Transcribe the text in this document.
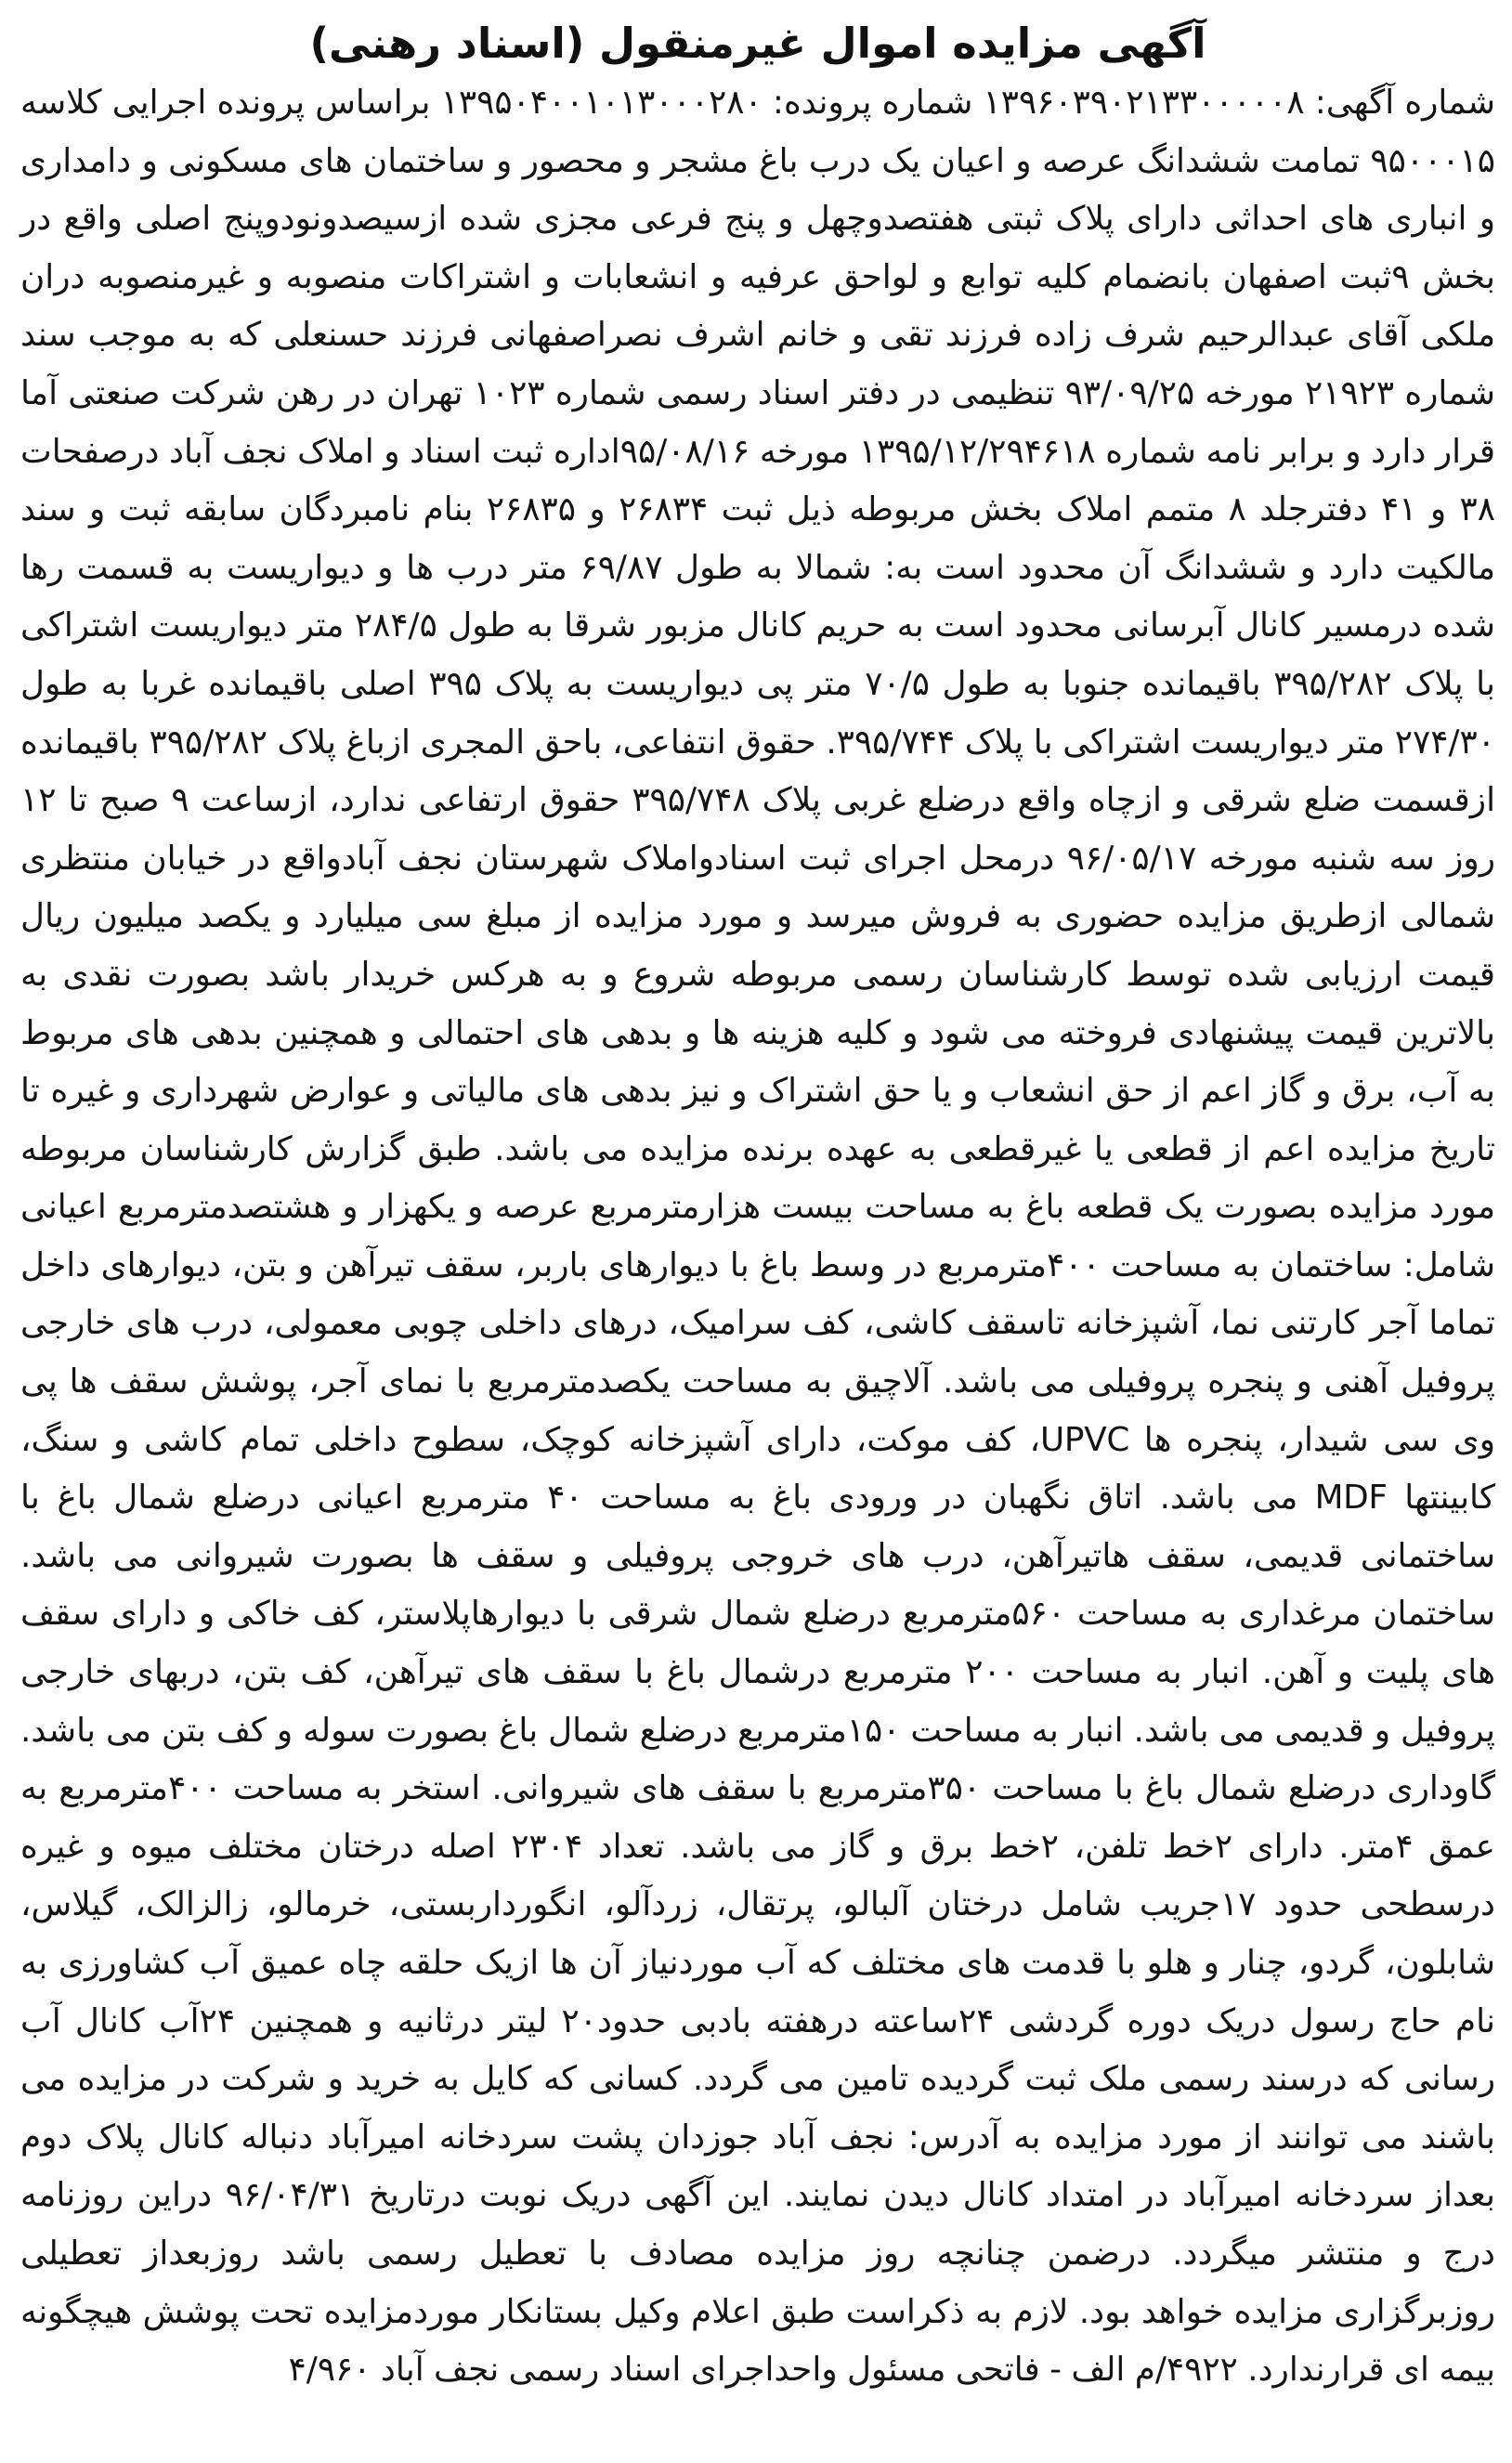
آگهی مزایده اموال غیرمنقول (اسناد رهنی)

شماره آگهی: ۱۳۹۶۰۳۹۰۲۱۳۳۰۰۰۰۰۸ شماره پرونده: ۱۳۹۵۰۴۰۰۱۰۱۳۰۰۰۲۸۰ براساس پرونده اجرایی کلاسه ۹۵۰۰۰۱۵ تمامت ششدانگ عرصه و اعیان یک درب باغ مشجر و محصور و ساختمان های مسکونی و دامداری و انباری های احداثی دارای پلاک ثبتی هفتصدوچهل و پنج فرعی مجزی شده ازسیصدونودوپنج اصلی واقع در بخش ۹ثبت اصفهان بانضمام کلیه توابع و لواحق عرفیه و انشعابات و اشتراکات منصوبه و غیرمنصوبه دران ملکی آقای عبدالرحیم شرف زاده فرزند تقی و خانم اشرف نصراصفهانی فرزند حسنعلی که به موجب سند شماره ۲۱۹۲۳ مورخه ۹۳/۰۹/۲۵ تنظیمی در دفتر اسناد رسمی شماره ۱۰۲۳ تهران در رهن شرکت صنعتی آما قرار دارد و برابر نامه شماره ۱۳۹۵/۱۲/۲۹۴۶۱۸ مورخه ۹۵/۰۸/۱۶اداره ثبت اسناد و املاک نجف آباد درصفحات ۳۸ و ۴۱ دفترجلد ۸ متمم املاک بخش مربوطه ذیل ثبت ۲۶۸۳۴ و ۲۶۸۳۵ بنام نامبردگان سابقه ثبت و سند مالکیت دارد و ششدانگ آن محدود است به: شمالا به طول ۶۹/۸۷ متر درب ها و دیواریست به قسمت رها شده درمسیر کانال آبرسانی محدود است به حریم کانال مزبور شرقا به طول ۲۸۴/۵ متر دیواریست اشتراکی با پلاک ۳۹۵/۲۸۲ باقیمانده جنوبا به طول ۷۰/۵ متر پی دیواریست به پلاک ۳۹۵ اصلی باقیمانده غربا به طول ۲۷۴/۳۰ متر دیواریست اشتراکی با پلاک ۳۹۵/۷۴۴. حقوق انتفاعی، باحق المجری ازباغ پلاک ۳۹۵/۲۸۲ باقیمانده ازقسمت ضلع شرقی و ازچاه واقع درضلع غربی پلاک ۳۹۵/۷۴۸ حقوق ارتفاعی ندارد، ازساعت ۹ صبح تا ۱۲ روز سه شنبه مورخه ۹۶/۰۵/۱۷ درمحل اجرای ثبت اسنادواملاک شهرستان نجف آبادواقع در خیابان منتظری شمالی ازطریق مزایده حضوری به فروش میرسد و مورد مزایده از مبلغ سی میلیارد و یکصد میلیون ریال قیمت ارزیابی شده توسط کارشناسان رسمی مربوطه شروع و به هرکس خریدار باشد بصورت نقدی به بالاترین قیمت پیشنهادی فروخته می شود و کلیه هزینه ها و بدهی های احتمالی و همچنین بدهی های مربوط به آب، برق و گاز اعم از حق انشعاب و یا حق اشتراک و نیز بدهی های مالیاتی و عوارض شهرداری و غیره تا تاریخ مزایده اعم از قطعی یا غیرقطعی به عهده برنده مزایده می باشد. طبق گزارش کارشناسان مربوطه مورد مزایده بصورت یک قطعه باغ به مساحت بیست هزارمترمربع عرصه و یکهزار و هشتصدمترمربع اعیانی شامل: ساختمان به مساحت ۴۰۰مترمربع در وسط باغ با دیوارهای باربر، سقف تیرآهن و بتن، دیوارهای داخل تماما آجر کارتنی نما، آشپزخانه تاسقف کاشی، کف سرامیک، درهای داخلی چوبی معمولی، درب های خارجی پروفیل آهنی و پنجره پروفیلی می باشد. آلاچیق به مساحت یکصدمترمربع با نمای آجر، پوشش سقف ها پی وی سی شیدار، پنجره ها UPVC، کف موکت، دارای آشپزخانه کوچک، سطوح داخلی تمام کاشی و سنگ، کابینتها MDF می باشد. اتاق نگهبان در ورودی باغ به مساحت ۴۰ مترمربع اعیانی درضلع شمال باغ با ساختمانی قدیمی، سقف هاتیرآهن، درب های خروجی پروفیلی و سقف ها بصورت شیروانی می باشد. ساختمان مرغداری به مساحت ۵۶۰مترمربع درضلع شمال شرقی با دیوارهاپلاستر، کف خاکی و دارای سقف های پلیت و آهن. انبار به مساحت ۲۰۰ مترمربع درشمال باغ با سقف های تیرآهن، کف بتن، دربهای خارجی پروفیل و قدیمی می باشد. انبار به مساحت ۱۵۰مترمربع درضلع شمال باغ بصورت سوله و کف بتن می باشد. گاوداری درضلع شمال باغ با مساحت ۳۵۰مترمربع با سقف های شیروانی. استخر به مساحت ۴۰۰مترمربع به عمق ۴متر. دارای ۲خط تلفن، ۲خط برق و گاز می باشد. تعداد ۲۳۰۴ اصله درختان مختلف میوه و غیره درسطحی حدود ۱۷جریب شامل درختان آلبالو، پرتقال، زردآلو، انگورداربستی، خرمالو، زالزالک، گیلاس، شابلون، گردو، چنار و هلو با قدمت های مختلف که آب موردنیاز آن ها ازیک حلقه چاه عمیق آب کشاورزی به نام حاج رسول دریک دوره گردشی ۲۴ساعته درهفته بادبی حدود۲۰ لیتر درثانیه و همچنین ۲۴آب کانال آب رسانی که درسند رسمی ملک ثبت گردیده تامین می گردد. کسانی که کایل به خرید و شرکت در مزایده می باشند می توانند از مورد مزایده به آدرس: نجف آباد جوزدان پشت سردخانه امیرآباد دنباله کانال پلاک دوم بعداز سردخانه امیرآباد در امتداد کانال دیدن نمایند. این آگهی دریک نوبت درتاریخ ۹۶/۰۴/۳۱ دراین روزنامه درج و منتشر میگردد. درضمن چنانچه روز مزایده مصادف با تعطیل رسمی باشد روزبعداز تعطیلی روزبرگزاری مزایده خواهد بود. لازم به ذکراست طبق اعلام وکیل بستانکار موردمزایده تحت پوشش هیچگونه بیمه ای قرارندارد. ۴۹۲۲/م الف - فاتحی مسئول واحداجرای اسناد رسمی نجف آباد ۴/۹۶۰
